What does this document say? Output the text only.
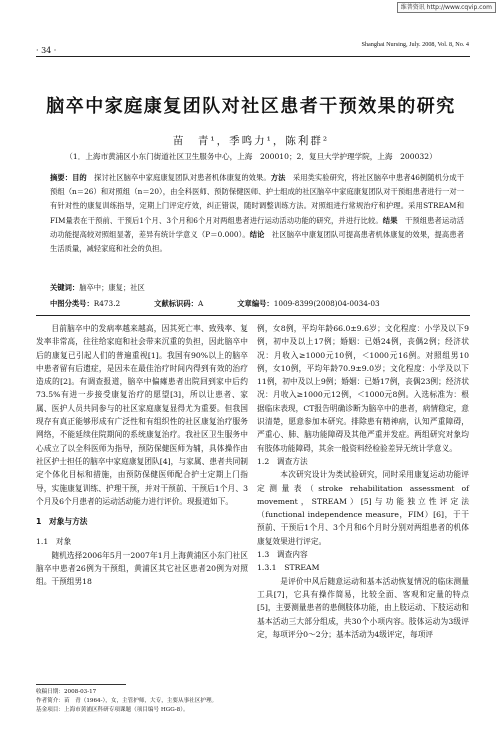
维普资讯 http://www.cqvip.com
· 34 ·
Shanghai Nursing, July. 2008, Vol. 8, No. 4
脑卒中家庭康复团队对社区患者干预效果的研究
苗　青¹，季鸣力¹，陈利群²
（1．上海市黄浦区小东门街道社区卫生服务中心，上海　200010；2．复旦大学护理学院，上海　200032）
摘要：目的　探讨社区脑卒中家庭康复团队对患者机体康复的效果。方法　采用类实验研究，将社区脑卒中患者46例随机分成干预组（n＝26）和对照组（n＝20），由全科医师、预防保健医师、护士组成的社区脑卒中家庭康复团队对干预组患者进行一对一有针对性的康复训练指导，定期上门评定疗效，纠正错误，随时调整训练方法。对照组进行常规治疗和护理。采用STREAM和FIM量表在干预前、干预后1个月、3个月和6个月对两组患者进行运动活动功能的研究，并进行比较。结果　干预组患者运动活动功能提高较对照组显著，差异有统计学意义（P＝0.000）。结论　社区脑卒中康复团队可提高患者机体康复的效果，提高患者生活质量，减轻家庭和社会的负担。
关键词：脑卒中；康复；社区
中图分类号：R473.2	文献标识码：A	文章编号：1009-8399(2008)04-0034-03

目前脑卒中的发病率越来越高，因其死亡率、致残率、复发率非常高，往往给家庭和社会带来沉重的负担，因此脑卒中后的康复已引起人们的普遍重视[1]。我国有90%以上的脑卒中患者留有后遗症，是因未在最佳治疗时间内得到有效的治疗造成的[2]。有调查报道，脑卒中偏瘫患者出院回到家中后约73.5%有进一步接受康复治疗的愿望[3]，所以让患者、家属、医护人员共同参与的社区家庭康复显得尤为重要。但我国现存有真正能够形成有广泛性和有组织性的社区康复治疗服务网络，不能延续住院期间的系统康复治疗。我社区卫生服务中心成立了以全科医师为指导，预防保健医师为辅，具体操作由社区护士担任的脑卒中家庭康复团队[4]，与家属、患者共同制定个体化目标和措施，由预防保健医师配合护士定期上门指导，实施康复训练、护理干预，并对干预前、干预后1个月、3个月及6个月患者的运动活动能力进行评价。现报道如下。

1　对象与方法

1.1　对象

随机选择2006年5月一2007年1月上海黄浦区小东门社区脑卒中患者26例为干预组，黄浦区其它社区患者20例为对照组。干预组男18

例，女8例，平均年龄66.0±9.6岁；文化程度：小学及以下9例，初中及以上17例；婚姻：已婚24例，丧偶2例；经济状况：月收入≥1000元10例，＜1000元16例。对照组男10例，女10例，平均年龄70.9±9.0岁；文化程度：小学及以下11例，初中及以上9例；婚姻：已婚17例，丧偶23例；经济状况：月收入≥1000元12例，＜1000元8例。入选标准为：根据临床表现，CT报告明确诊断为脑卒中的患者，病情稳定，意识清楚，愿意参加本研究。排除患有精神病，认知严重障碍，严重心、肺、脑功能障碍及其他严重并发症。两组研究对象均有肢体功能障碍，其余一般资料经检验差异无统计学意义。

1.2　调查方法

　本次研究设计为类试验研究，同时采用康复运动功能评定测量表（stroke rehabilitation assessment of movement，STREAM）[5]与功能独立性评定法（functional independence measure，FIM）[6]，于干预前、干预后1个月、3个月和6个月时分别对两组患者的机体康复效果进行评定。

1.3　调查内容

1.3.1　STREAM

　是评价中风后随意运动和基本活动恢复情况的临床测量工具[7]，它具有操作简易，比较全面、客观和定量的特点[5]，主要测量患者的患侧肢体功能，由上肢运动、下肢运动和基本活动三大部分组成，共30个小项内容。肢体运动为3级评定，每项评分0～2分；基本活动为4级评定，每项评

收稿日期：2008-03-17
作者简介：苗　青（1964-），女，主管护师，大专，主要从事社区护理。
基金项目：上海市黄浦区科研专项课题（项目编号 HGG-8）。
